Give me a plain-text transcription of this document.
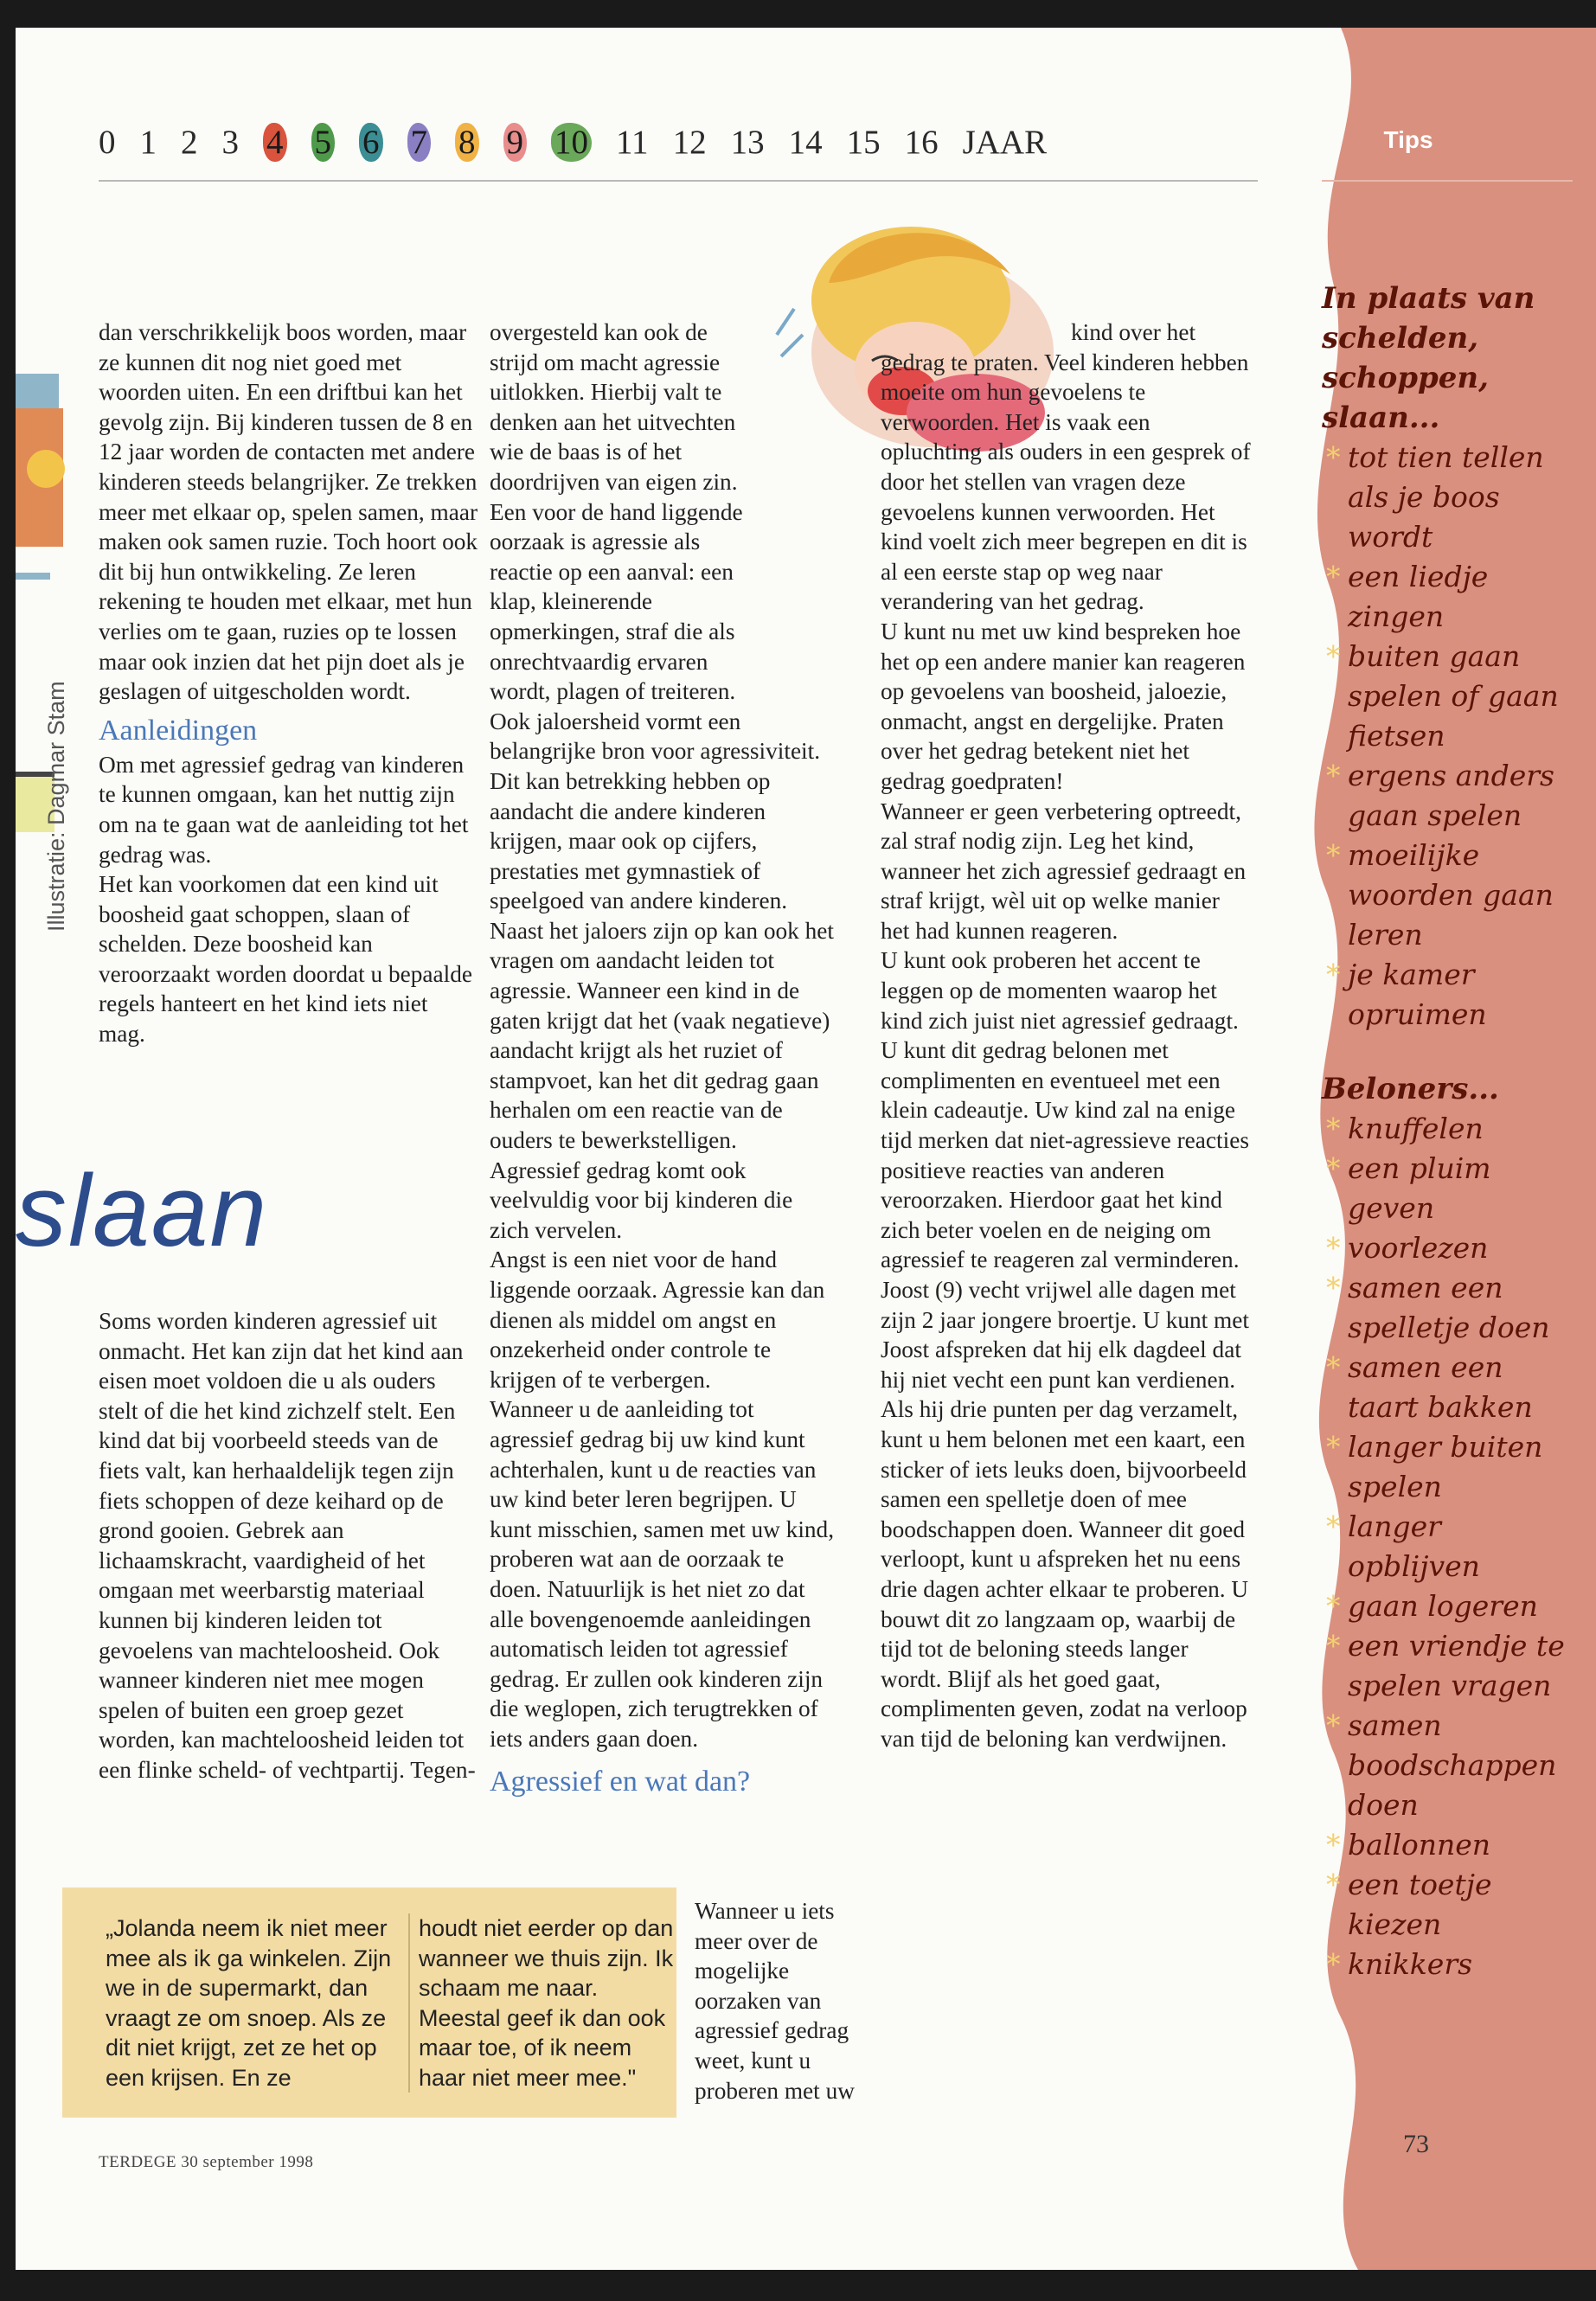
0 1 2 3 4 5 6 7 8 9 10 11 12 13 14 15 16 JAAR	Tips
Illustratie: Dagmar Stam

dan verschrikkelijk boos worden, maar ze kunnen dit nog niet goed met woorden uiten. En een driftbui kan het gevolg zijn. Bij kinderen tussen de 8 en 12 jaar worden de contacten met andere kinderen steeds belangrijker. Ze trekken meer met elkaar op, spelen samen, maar maken ook samen ruzie. Toch hoort ook dit bij hun ontwikkeling. Ze leren rekening te houden met elkaar, met hun verlies om te gaan, ruzies op te lossen maar ook inzien dat het pijn doet als je geslagen of uitgescholden wordt.

Aanleidingen

Om met agressief gedrag van kinderen te kunnen omgaan, kan het nuttig zijn om na te gaan wat de aanleiding tot het gedrag was.

Het kan voorkomen dat een kind uit boosheid gaat schoppen, slaan of schelden. Deze boosheid kan veroorzaakt worden doordat u bepaalde regels hanteert en het kind iets niet mag.

Soms worden kinderen agressief uit onmacht. Het kan zijn dat het kind aan eisen moet voldoen die u als ouders stelt of die het kind zichzelf stelt. Een kind dat bij voorbeeld steeds van de fiets valt, kan herhaaldelijk tegen zijn fiets schoppen of deze keihard op de grond gooien. Gebrek aan lichaamskracht, vaardigheid of het omgaan met weerbarstig materiaal kunnen bij kinderen leiden tot gevoelens van machteloosheid. Ook wanneer kinderen niet mee mogen spelen of buiten een groep gezet worden, kan machteloosheid leiden tot een flinke scheld- of vechtpartij. Tegen-

slaan

overgesteld kan ook de strijd om macht agressie uitlokken. Hierbij valt te denken aan het uitvechten wie de baas is of het doordrijven van eigen zin. Een voor de hand liggende oorzaak is agressie als reactie op een aanval: een klap, kleinerende opmerkingen, straf die als onrechtvaardig ervaren wordt, plagen of treiteren.

Ook jaloersheid vormt een belangrijke bron voor agressiviteit. Dit kan betrekking hebben op aandacht die andere kinderen krijgen, maar ook op cijfers, prestaties met gymnastiek of speelgoed van andere kinderen. Naast het jaloers zijn op kan ook het vragen om aandacht leiden tot agressie. Wanneer een kind in de gaten krijgt dat het (vaak negatieve) aandacht krijgt als het ruziet of stampvoet, kan het dit gedrag gaan herhalen om een reactie van de ouders te bewerkstelligen.

Agressief gedrag komt ook veelvuldig voor bij kinderen die zich vervelen.

Angst is een niet voor de hand liggende oorzaak. Agressie kan dan dienen als middel om angst en onzekerheid onder controle te krijgen of te verbergen.

Wanneer u de aanleiding tot agressief gedrag bij uw kind kunt achterhalen, kunt u de reacties van uw kind beter leren begrijpen. U kunt misschien, samen met uw kind, proberen wat aan de oorzaak te doen. Natuurlijk is het niet zo dat alle bovengenoemde aanleidingen automatisch leiden tot agressief gedrag. Er zullen ook kinderen zijn die weglopen, zich terugtrekken of iets anders gaan doen.

Agressief en wat dan?

Wanneer u iets meer over de mogelijke oorzaken van agressief gedrag weet, kunt u proberen met uw

kind over het gedrag te praten. Veel kinderen hebben moeite om hun gevoelens te verwoorden. Het is vaak een opluchting als ouders in een gesprek of door het stellen van vragen deze gevoelens kunnen verwoorden. Het kind voelt zich meer begrepen en dit is al een eerste stap op weg naar verandering van het gedrag.

U kunt nu met uw kind bespreken hoe het op een andere manier kan reageren op gevoelens van boosheid, jaloezie, onmacht, angst en dergelijke. Praten over het gedrag betekent niet het gedrag goedpraten!

Wanneer er geen verbetering optreedt, zal straf nodig zijn. Leg het kind, wanneer het zich agressief gedraagt en straf krijgt, wèl uit op welke manier het had kunnen reageren.

U kunt ook proberen het accent te leggen op de momenten waarop het kind zich juist niet agressief gedraagt. U kunt dit gedrag belonen met complimenten en eventueel met een klein cadeautje. Uw kind zal na enige tijd merken dat niet-agressieve reacties positieve reacties van anderen veroorzaken. Hierdoor gaat het kind zich beter voelen en de neiging om agressief te reageren zal verminderen.

Joost (9) vecht vrijwel alle dagen met zijn 2 jaar jongere broertje. U kunt met Joost afspreken dat hij elk dagdeel dat hij niet vecht een punt kan verdienen. Als hij drie punten per dag verzamelt, kunt u hem belonen met een kaart, een sticker of iets leuks doen, bijvoorbeeld samen een spelletje doen of mee boodschappen doen. Wanneer dit goed verloopt, kunt u afspreken het nu eens drie dagen achter elkaar te proberen. U bouwt dit zo langzaam op, waarbij de tijd tot de beloning steeds langer wordt. Blijf als het goed gaat, complimenten geven, zodat na verloop van tijd de beloning kan verdwijnen.

„Jolanda neem ik niet meer mee als ik ga winkelen. Zijn we in de supermarkt, dan vraagt ze om snoep. Als ze dit niet krijgt, zet ze het op een krijsen. En ze
houdt niet eerder op dan wanneer we thuis zijn. Ik schaam me naar. Meestal geef ik dan ook maar toe, of ik neem haar niet meer mee."
In plaats van schelden, schoppen, slaan...
* tot tien tellen als je boos wordt
* een liedje zingen
* buiten gaan spelen of gaan fietsen
* ergens anders gaan spelen
* moeilijke woorden gaan leren
* je kamer opruimen
Beloners...
* knuffelen
* een pluim geven
* voorlezen
* samen een spelletje doen
* samen een taart bakken
* langer buiten spelen
* langer opblijven
* gaan logeren
* een vriendje te spelen vragen
* samen boodschappen doen
* ballonnen
* een toetje kiezen
* knikkers
TERDEGE 30 september 1998
73
